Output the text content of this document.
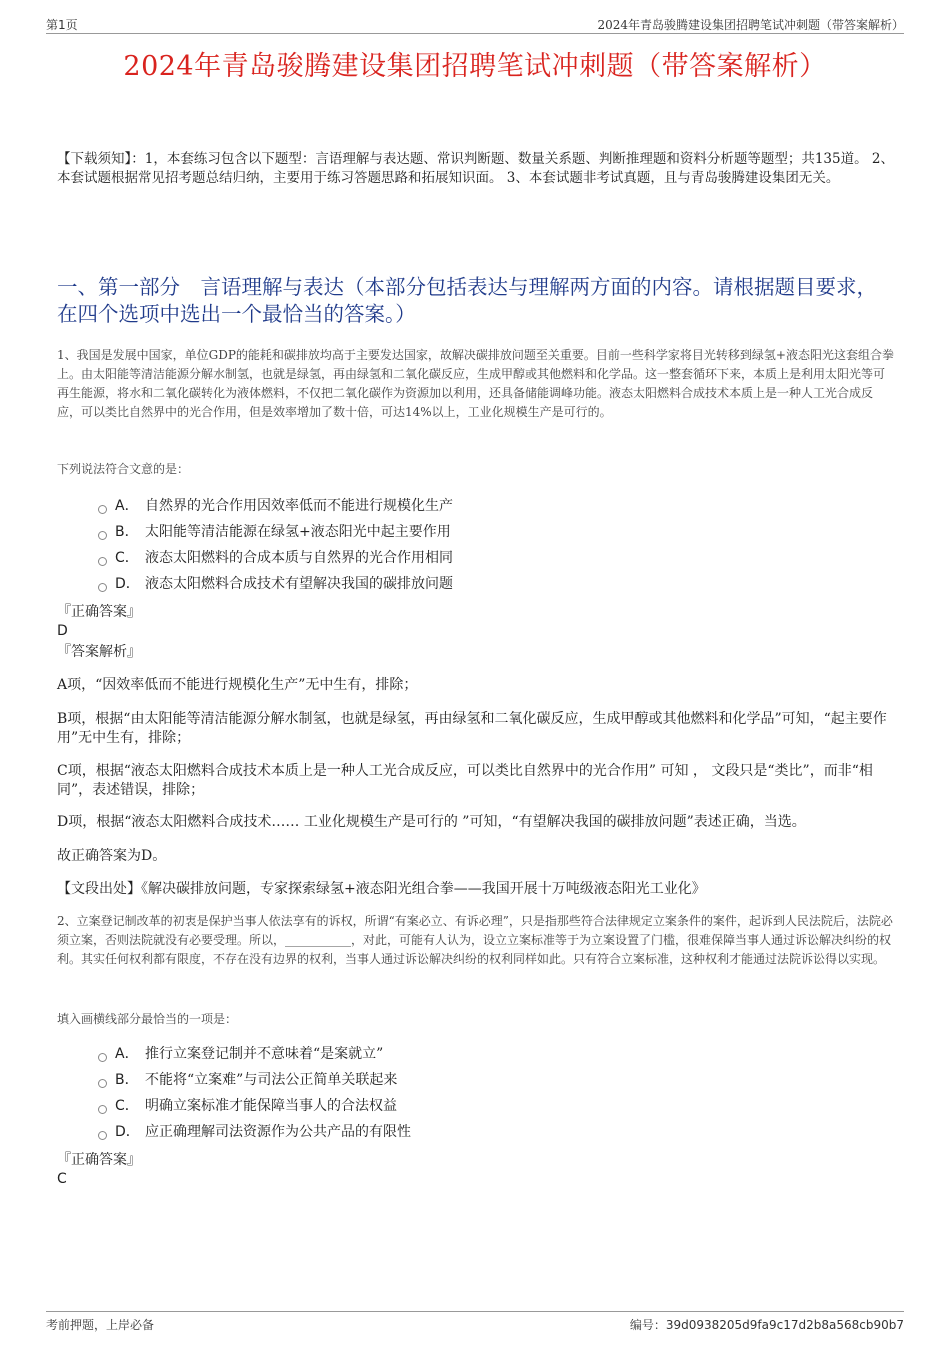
第1页	2024年青岛骏腾建设集团招聘笔试冲刺题（带答案解析）
2024年青岛骏腾建设集团招聘笔试冲刺题（带答案解析）
【下载须知】：1，本套练习包含以下题型：言语理解与表达题、常识判断题、数量关系题、判断推理题和资料分析题等题型；共135道。 2、本套试题根据常见招考题总结归纳，主要用于练习答题思路和拓展知识面。 3、本套试题非考试真题，且与青岛骏腾建设集团无关。
一、第一部分　言语理解与表达（本部分包括表达与理解两方面的内容。请根据题目要求，在四个选项中选出一个最恰当的答案。）
1、我国是发展中国家，单位GDP的能耗和碳排放均高于主要发达国家，故解决碳排放问题至关重要。目前一些科学家将目光转移到绿氢+液态阳光这套组合拳上。由太阳能等清洁能源分解水制氢，也就是绿氢，再由绿氢和二氧化碳反应，生成甲醇或其他燃料和化学品。这一整套循环下来，本质上是利用太阳光等可再生能源，将水和二氧化碳转化为液体燃料，不仅把二氧化碳作为资源加以利用，还具备储能调峰功能。液态太阳燃料合成技术本质上是一种人工光合成反应，可以类比自然界中的光合作用，但是效率增加了数十倍，可达14%以上，工业化规模生产是可行的。
下列说法符合文意的是：
A． 自然界的光合作用因效率低而不能进行规模化生产
B． 太阳能等清洁能源在绿氢+液态阳光中起主要作用
C． 液态太阳燃料的合成本质与自然界的光合作用相同
D． 液态太阳燃料合成技术有望解决我国的碳排放问题
『正确答案』
D
『答案解析』
A项，“因效率低而不能进行规模化生产”无中生有，排除；
B项，根据“由太阳能等清洁能源分解水制氢，也就是绿氢，再由绿氢和二氧化碳反应，生成甲醇或其他燃料和化学品”可知，“起主要作用”无中生有，排除；
C项，根据“液态太阳燃料合成技术本质上是一种人工光合成反应，可以类比自然界中的光合作用” 可知 ， 文段只是“类比”，而非“相同”，表述错误，排除；
D项，根据“液态太阳燃料合成技术…… 工业化规模生产是可行的 ”可知，“有望解决我国的碳排放问题”表述正确，当选。
故正确答案为D。
【文段出处】《解决碳排放问题，专家探索绿氢+液态阳光组合拳——我国开展十万吨级液态阳光工业化》
2、立案登记制改革的初衷是保护当事人依法享有的诉权，所谓“有案必立、有诉必理”，只是指那些符合法律规定立案条件的案件，起诉到人民法院后，法院必须立案，否则法院就没有必要受理。所以，___________，对此，可能有人认为，设立立案标准等于为立案设置了门槛，很难保障当事人通过诉讼解决纠纷的权利。其实任何权利都有限度，不存在没有边界的权利，当事人通过诉讼解决纠纷的权利同样如此。只有符合立案标准，这种权利才能通过法院诉讼得以实现。
填入画横线部分最恰当的一项是：
A． 推行立案登记制并不意味着“是案就立”
B． 不能将“立案难”与司法公正简单关联起来
C． 明确立案标准才能保障当事人的合法权益
D． 应正确理解司法资源作为公共产品的有限性
『正确答案』
C
考前押题，上岸必备	编号：39d0938205d9fa9c17d2b8a568cb90b7
